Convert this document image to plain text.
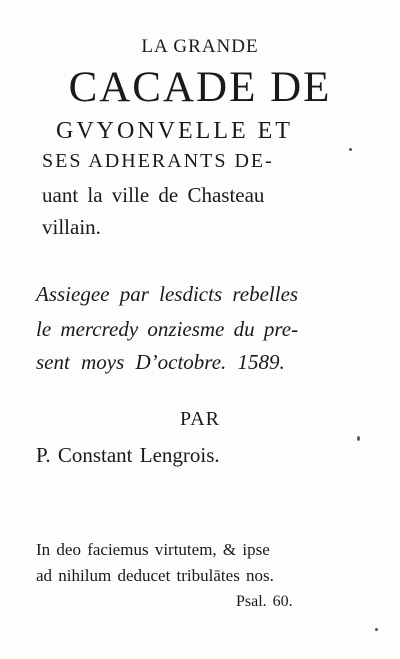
LA GRANDE
CACADE DE
GVYONVELLE ET
SES ADHERANTS DE-
uant la ville de Chasteau
villain.
Assiegee par lesdicts rebelles
le mercredy onziesme du pre-
sent moys D’octobre. 1589.
PAR
P. Constant Lengrois.
In deo faciemus virtutem, & ipse
ad nihilum deducet tribulātes nos.
Psal. 60.
